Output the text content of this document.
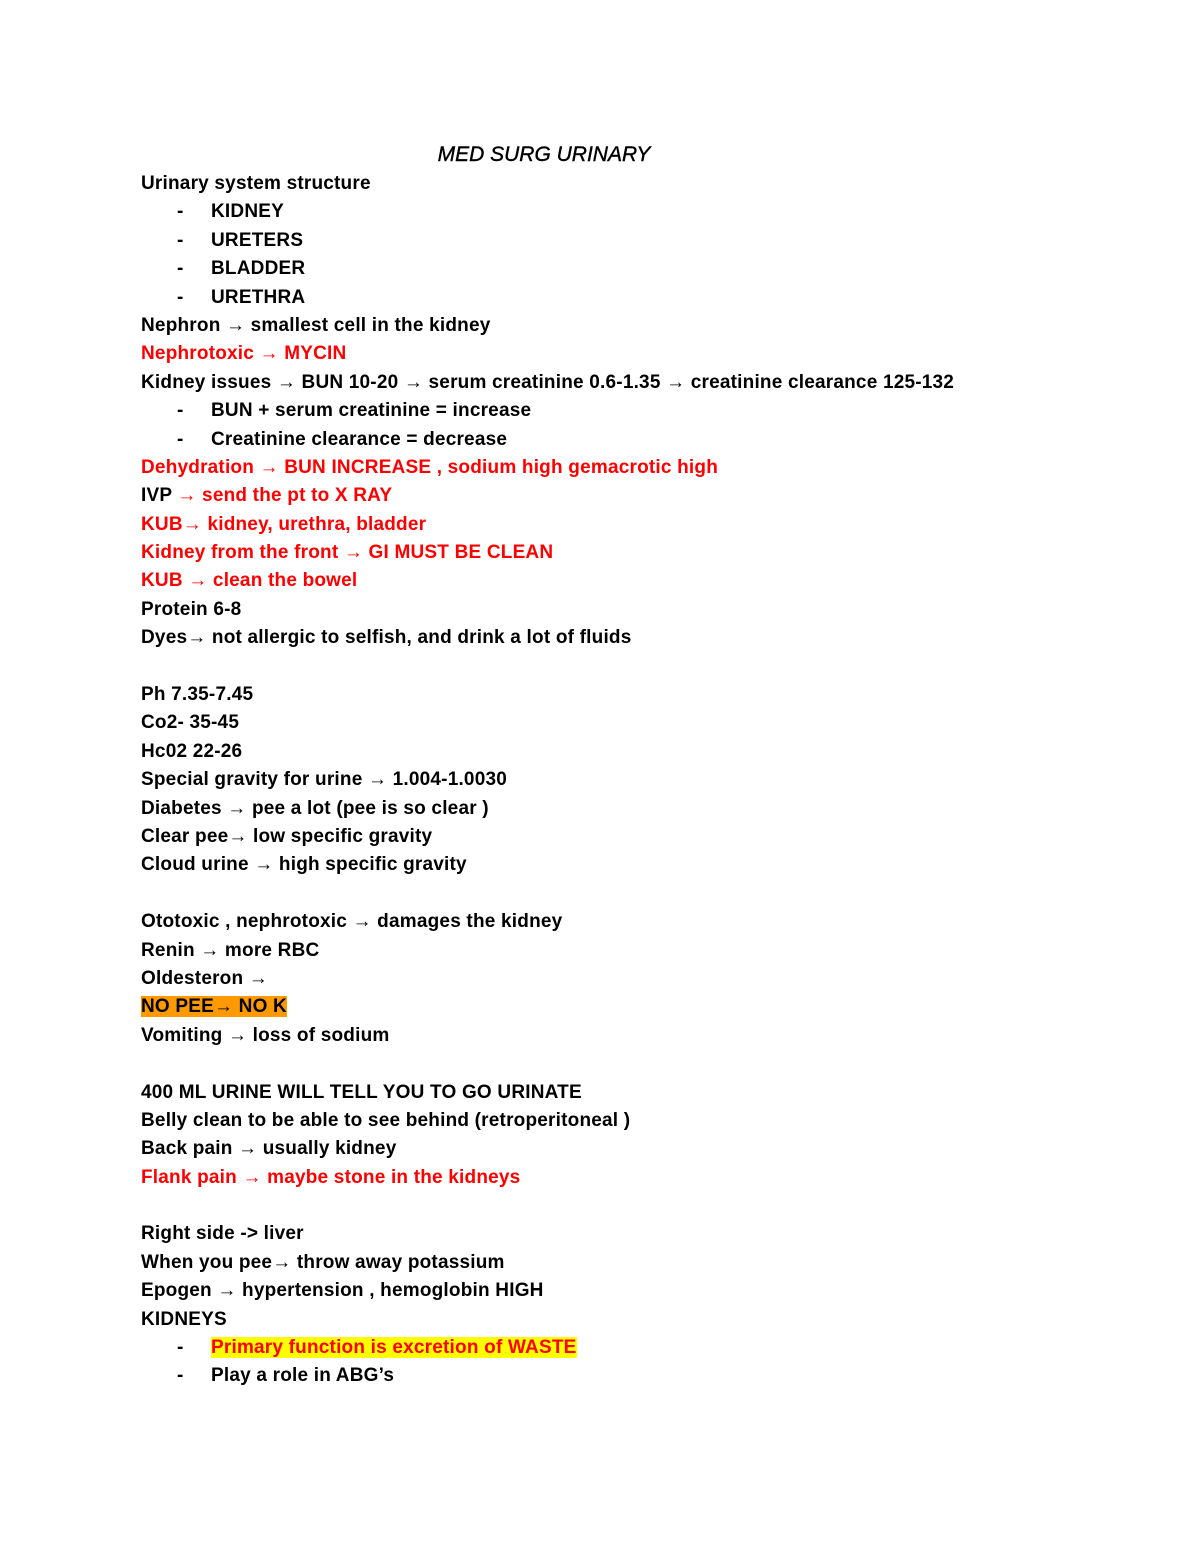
MED SURG URINARY
Urinary system structure
- KIDNEY
- URETERS
- BLADDER
- URETHRA
Nephron → smallest cell in the kidney
Nephrotoxic → MYCIN
Kidney issues → BUN 10-20 → serum creatinine 0.6-1.35 → creatinine clearance 125-132
- BUN + serum creatinine = increase
- Creatinine clearance = decrease
Dehydration → BUN INCREASE , sodium high gemacrotic high
IVP → send the pt to X RAY
KUB→ kidney, urethra, bladder
Kidney from the front → GI MUST BE CLEAN
KUB → clean the bowel
Protein 6-8
Dyes→ not allergic to selfish, and drink a lot of fluids
Ph 7.35-7.45
Co2- 35-45
Hc02 22-26
Special gravity for urine → 1.004-1.0030
Diabetes → pee a lot (pee is so clear )
Clear pee→ low specific gravity
Cloud urine → high specific gravity
Ototoxic , nephrotoxic → damages the kidney
Renin → more RBC
Oldesteron →
NO PEE→ NO K
Vomiting → loss of sodium
400 ML URINE WILL TELL YOU TO GO URINATE
Belly clean to be able to see behind (retroperitoneal )
Back pain → usually kidney
Flank pain → maybe stone in the kidneys
Right side -> liver
When you pee→ throw away potassium
Epogen → hypertension , hemoglobin HIGH
KIDNEYS
- Primary function is excretion of WASTE
- Play a role in ABG’s
